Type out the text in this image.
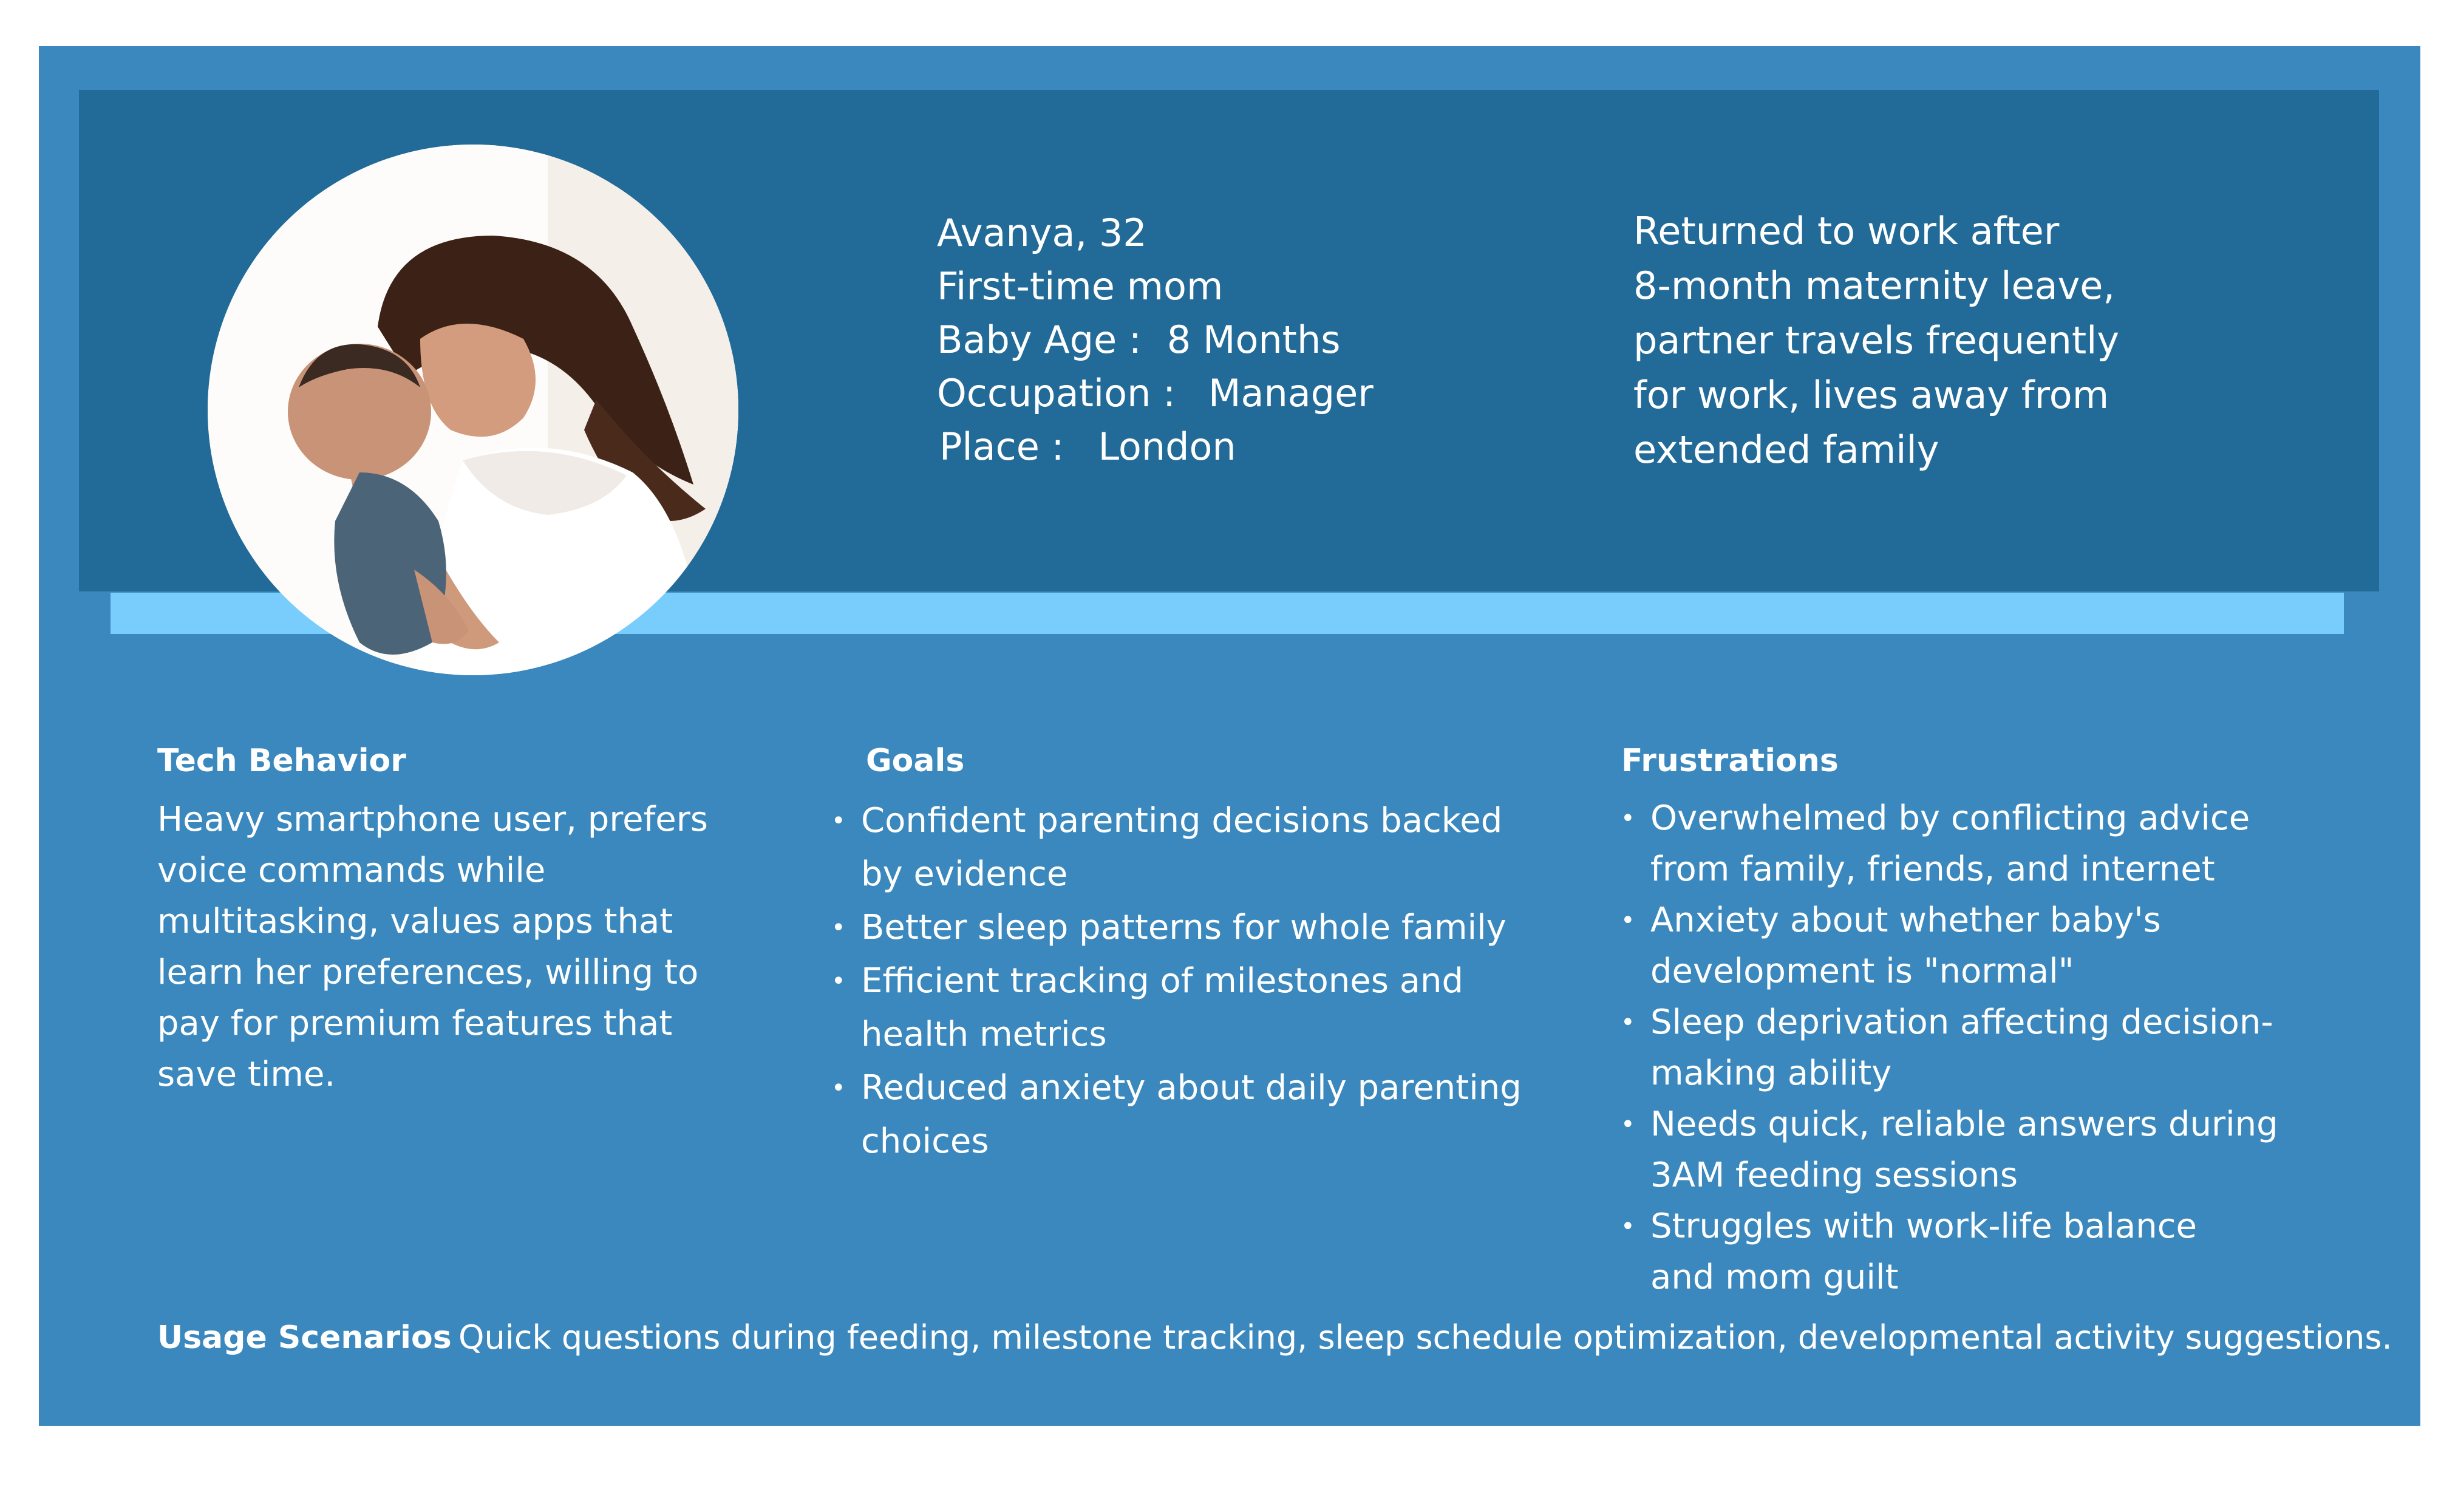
Avanya, 32
First-time mom
Baby Age : 8 Months
Occupation : Manager
Place : London
Returned to work after
8-month maternity leave,
partner travels frequently
for work, lives away from
extended family
Tech Behavior
Heavy smartphone user, prefers
voice commands while
multitasking, values apps that
learn her preferences, willing to
pay for premium features that
save time.
Goals
• Confident parenting decisions backed
by evidence
• Better sleep patterns for whole family
• Efficient tracking of milestones and
health metrics
• Reduced anxiety about daily parenting
choices
Frustrations
• Overwhelmed by conflicting advice
from family, friends, and internet
• Anxiety about whether baby's
development is "normal"
• Sleep deprivation affecting decision-
making ability
• Needs quick, reliable answers during
3AM feeding sessions
• Struggles with work-life balance
and mom guilt
Usage Scenarios Quick questions during feeding, milestone tracking, sleep schedule optimization, developmental activity suggestions.
